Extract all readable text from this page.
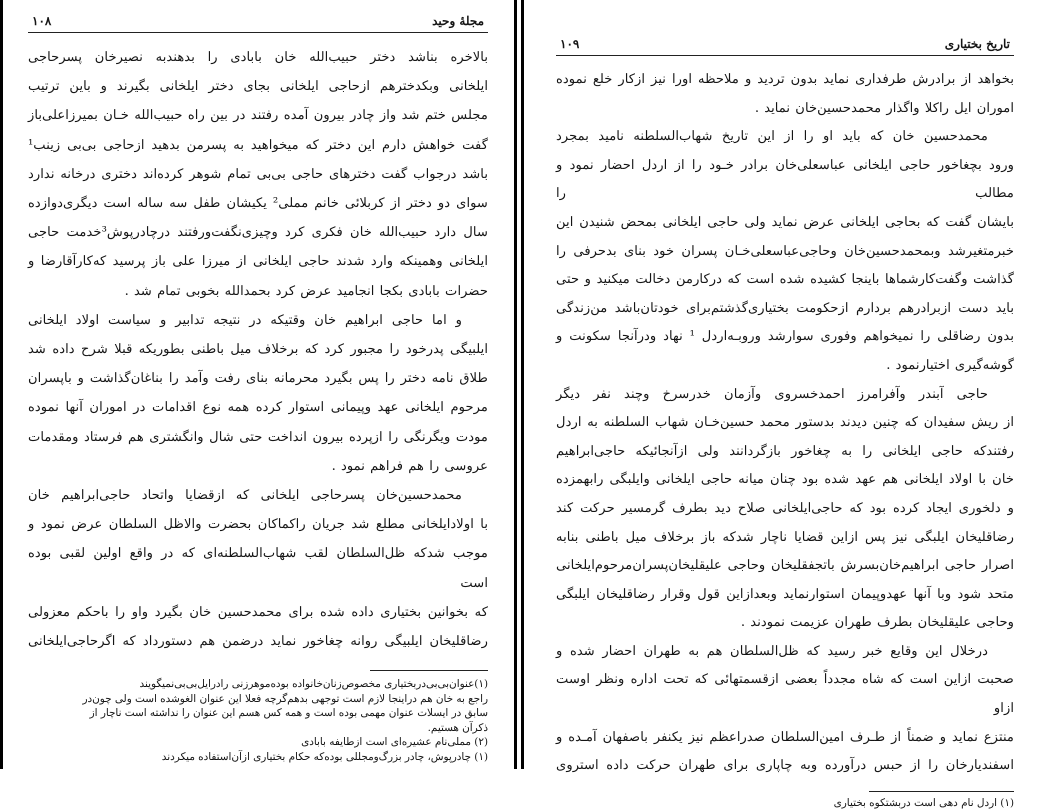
مجلهٔ وحید
۱۰۸

بالاخره بناشد دختر حبیب‌الله خان بابادی را بدهندبه نصیرخان پسرحاجی

ایلخانی وبکدخترهم ازحاجی ایلخانی بجای دختر ایلخانی بگیرند و باین ترتیب

مجلس ختم شد واز چادر بیرون آمده رفتند در بین راه حبیب‌الله خـان بمیرزاعلی‌باز

گفت خواهش دارم این دختر که میخواهید به پسرمن بدهید ازحاجی بی‌بی زینب¹

باشد درجواب گفت دخترهای حاجی بی‌بی تمام شوهر کرده‌اند دختری درخانه ندارد

سوای دو دختر از کربلائی خانم مملی² یکیشان طفل سه ساله است دیگری‌دوازده

سال دارد حبیب‌الله خان فکری کرد وچیزی‌نگفت‌ورفتند درچادرپوش³خدمت حاجی

ایلخانی وهمینکه وارد شدند حاجی ایلخانی از میرزا علی باز پرسید که‌کارآقارضا و

حضرات بابادی بکجا انجامید عرض کرد بحمدالله بخوبی تمام شد .

و اما حاجی ابراهیم خان وقتیکه در نتیجه تدابیر و سیاست اولاد ایلخانی

ایلبیگی پدرخود را مجبور کرد که برخلاف میل باطنی بطوریکه قبلا شرح داده شد

طلاق نامه دختر را پس بگیرد محرمانه بنای رفت وآمد را بناغان‌گذاشت و باپسران

مرحوم ایلخانی عهد وپیمانی استوار کرده همه نوع اقدامات در اموران آنها نموده

مودت ویگرنگی را ازپرده بیرون انداخت حتی شال وانگشتری هم فرستاد ومقدمات

عروسی را هم فراهم نمود .

محمدحسین‌خان پسرحاجی ایلخانی که ازقضایا واتحاد حاجی‌ابراهیم خان

با اولادایلخانی مطلع شد جریان راکماکان بحضرت والاظل السلطان عرض نمود و

موجب شدکه ظل‌السلطان لقب شهاب‌السلطنه‌ای که در واقع اولین لقبی بوده است

که بخوانین بختیاری داده شده برای محمدحسین خان بگیرد واو را باحکم معزولی

رضاقلیخان ایلبیگی روانه چغاخور نماید درضمن هم دستورداد که اگرحاجی‌ایلخانی

(۱)عنوان‌بی‌بی‌دربختیاری مخصوص‌زنان‌خانواده بوده‌موهرزنی رادرایل‌بی‌بی‌نمیگویند

راجع به خان هم دراینجا لازم است توجهی بدهم‌گرچه فعلا این عنوان الغوشده است ولی چون‌در

سابق در ایسلات عنوان مهمی بوده است و همه کس هسم این عنوان را نداشته است ناچار از

ذکرآن هستیم.

(۲) مملی‌نام عشیره‌ای است ازطایفه بابادی

(۱) چادرپوش، چادر بزرگ‌ومجللی بوده‌که حکام بختیاری ازآن‌استفاده میکردند

تاریخ بختیاری
۱۰۹

بخواهد از برادرش طرفداری نماید بدون تردید و ملاحظه اورا نیز ازکار خلع نموده

اموران ایل راکلا واگذار محمدحسین‌خان نماید .

محمدحسین خان که باید او را از این تاریخ شهاب‌السلطنه نامید بمجرد

ورود بچغاخور حاجی ایلخانی عباسعلی‌خان برادر خـود را از اردل احضار نمود و مطالب را

بایشان گفت که بحاجی ایلخانی عرض نماید ولی حاجی ایلخانی بمحض شنیدن این

خبرمتغیرشد وبمحمدحسین‌خان وحاجی‌عباسعلی‌خـان پسران خود بنای بدحرفی را

گذاشت وگفت‌کارشماها باینجا کشیده شده است که درکارمن دخالت میکنید و حتی

باید دست ازبرادرهم بردارم ازحکومت بختیاری‌گذشتم‌برای خودتان‌باشد من‌زندگی

بدون رضاقلی را نمیخواهم وفوری سوارشد وروبـه‌اردل ¹ نهاد ودرآنجا سکونت و

گوشه‌گیری اختیارنمود .

حاجی آبندر وآفرامرز احمدخسروی وآزمان خدرسرخ وچند نفر دیگر

از ریش سفیدان که چنین دیدند بدستور محمد حسین‌خـان شهاب السلطنه به اردل

رفتندکه حاجی ایلخانی را به چغاخور بازگردانند ولی ازآنجائیکه حاجی‌ابراهیم

خان با اولاد ایلخانی هم عهد شده بود چنان میانه حاجی ایلخانی وایلبگی رابهمزده

و دلخوری ایجاد کرده بود که حاجی‌ایلخانی صلاح دید بطرف گرمسیر حرکت کند

رضاقلیخان ایلبگی نیز پس ازاین قضایا ناچار شدکه باز برخلاف میل باطنی بنابه

اصرار حاجی ابراهیم‌خان‌بسرش باتجفقلیخان وحاجی علیقلیخان‌پسران‌مرحوم‌ایلخانی

متحد شود وبا آنها عهدوپیمان استوارنماید وبعدازاین قول وقرار رضاقلیخان ایلبگی

وحاجی علیقلیخان بطرف طهران عزیمت نمودند .

درخلال این وقایع خبر رسید که ظل‌السلطان هم به طهران احضار شده و

صحبت ازاین است که شاه مجدداً بعضی ازقسمتهائی که تحت اداره ونظر اوست ازاو

منتزع نماید و ضمناً از طـرف امین‌السلطان صدراعظم نیز یکنفر باصفهان آمـده و

اسفندیارخان را از حبس درآورده وبه چاپاری برای طهران حرکت داده استروی

(۱) اردل نام دهی است دربشتکوه بختیاری
